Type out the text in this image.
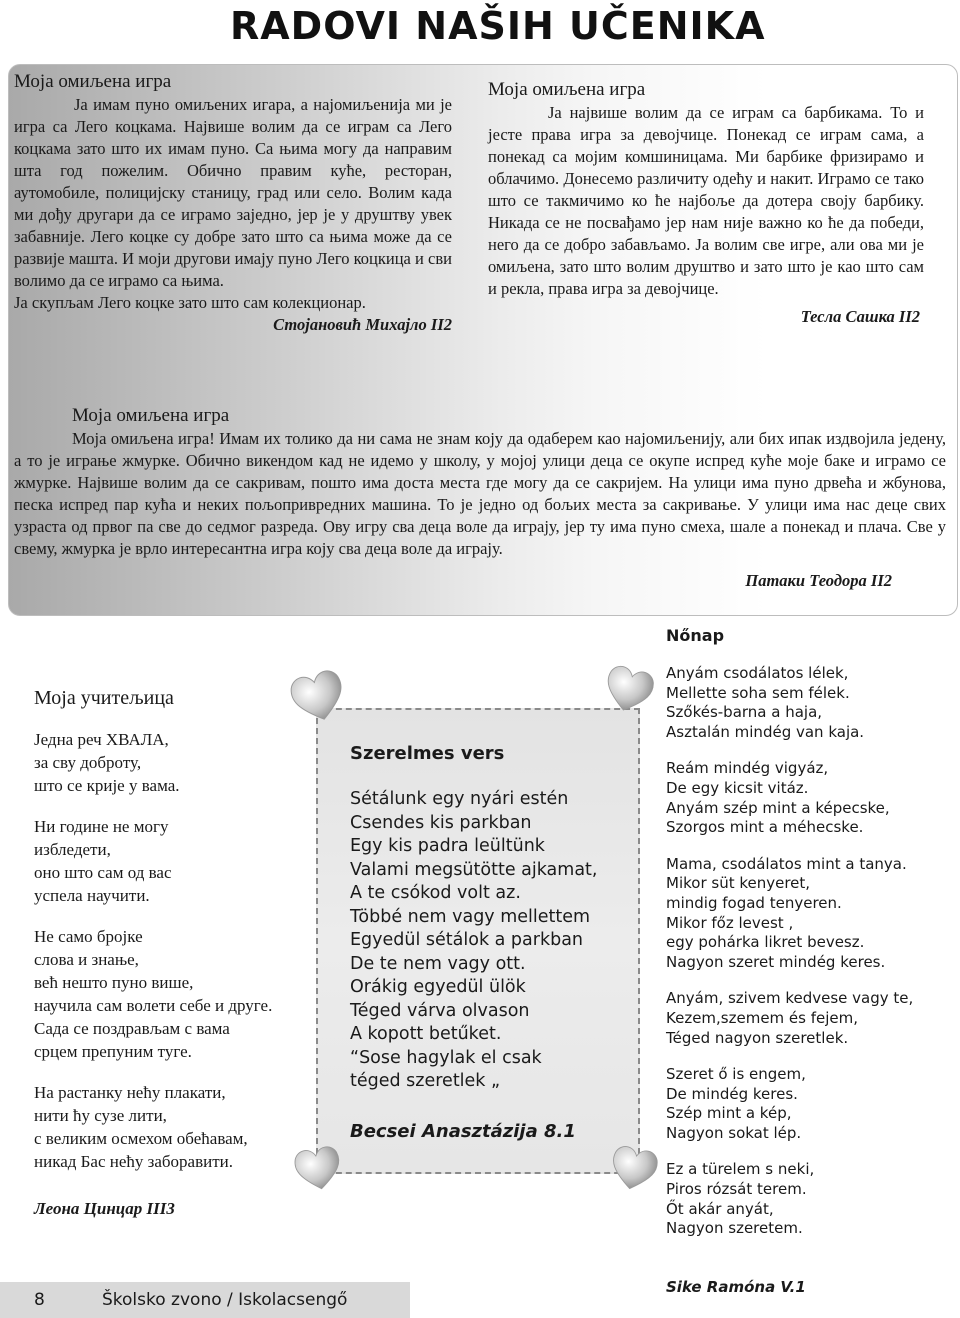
RADOVI NAŠIH UČENIKA

Моја омиљена игра

Ја имам пуно омиљених игара, а најомиљенија ми је игра са Лего коцкама. Највише волим да се играм са Лего коцкама зато што их имам пуно. Са њима могу да направим шта год пожелим. Обично правим куће, ресторан, аутомобиле, полицијску станицу, град или село. Волим када ми дођу другари да се играмо заједно, јер је у друштву увек забавније. Лего коцке су добре зато што са њима може да се развије машта. И моји другови имају пуно Лего коцкица и сви волимо да се играмо са њима.

Ја скупљам Лего коцке зато што сам колекционар.

Стојановић Михајло II2

Моја омиљена игра

Ја највише волим да се играм са барбикама. То и јесте права игра за девојчице. Понекад се играм сама, а понекад са мојим комшиницама. Ми барбике фризирамо и облачимо. Донесемо различиту одећу и накит. Играмо се тако што се такмичимо ко ће најбоље да дотера своју барбику. Никада се не посвађамо јер нам није важно ко ће да победи, него да се добро забављамо. Ја волим све игре, али ова ми је омиљена, зато што волим друштво и зато што је као што сам и рекла, права игра за девојчице.

Тесла Сашка II2

Моја омиљена игра

Моја омиљена игра! Имам их толико да ни сама не знам коју да одаберем као најомиљенију, али бих ипак издвојила једену, а то је играње жмурке. Обично викендом кад не идемо у школу, у мојој улици деца се окупе испред куће моје баке и играмо се жмурке. Највише волим да се сакривам, пошто има доста места где могу да се сакријем. На улици има пуно дрвећа и жбунова, песка испред пар кућа и неких пољопривредних машина. То је једно од бољих места за сакривање. У улици има нас деце свих узраста од првог па све до седмог разреда. Ову игру сва деца воле да играју, јер ту има пуно смеха, шале а понекад и плача. Све у свему, жмурка је врло интересантна игра коју сва деца воле да играју.

Патаки Теодора II2

Моја учитељица

Једна реч ХВАЛА,
за сву доброту,
што се крије у вама.
Ни године не могу
избледети,
оно што сам од вас
успела научити.
Не само бројке
слова и знање,
већ нешто пуно више,
научила сам волети себе и друге.
Сада се поздрављам с вама
срцем препуним туге.
На растанку нећу плакати,
нити ћу сузе лити,
с великим осмехом обећавам,
никад Бас нећу заборавити.

Леона Цинцар III3

Szerelmes vers

Sétálunk egy nyári estén
Csendes kis parkban
Egy kis padra leültünk
Valami megsütötte ajkamat,
A te csókod volt az.
Többé nem vagy mellettem
Egyedül sétálok a parkban
De te nem vagy ott.
Orákig egyedül ülök
Téged várva olvason
A kopott betűket.
“Sose hagylak el csak
téged szeretlek „

Becsei Anasztázija 8.1

Nőnap
Anyám csodálatos lélek,
Mellette soha sem félek.
Szőkés-barna a haja,
Asztalán mindég van kaja.
Reám mindég vigyáz,
De egy kicsit vitáz.
Anyám szép mint a képecske,
Szorgos mint a méhecske.
Mama, csodálatos mint a tanya.
Mikor süt kenyeret,
mindig fogad tenyeren.
Mikor főz levest ,
egy pohárka likret bevesz.
Nagyon szeret mindég keres.
Anyám, szivem kedvese vagy te,
Kezem,szemem és fejem,
Téged nagyon szeretlek.
Szeret ő is engem,
De mindég keres.
Szép mint a kép,
Nagyon sokat lép.
Ez a türelem s neki,
Piros rózsát terem.
Őt akár anyát,
Nagyon szeretem.
Sike Ramóna V.1
8	Školsko zvono / Iskolacsengő
